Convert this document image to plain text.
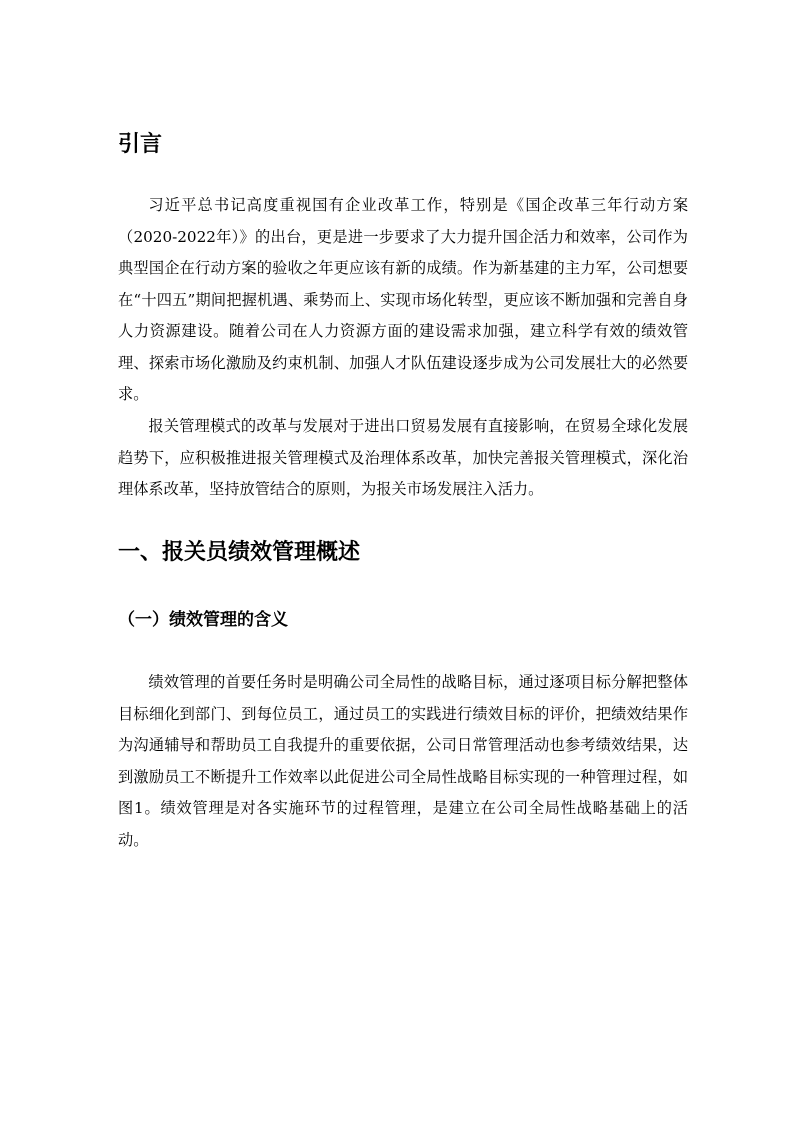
引言

习近平总书记高度重视国有企业改革工作，特别是《国企改革三年行动方案（2020-2022年）》的出台，更是进一步要求了大力提升国企活力和效率，公司作为典型国企在行动方案的验收之年更应该有新的成绩。作为新基建的主力军，公司想要在“十四五”期间把握机遇、乘势而上、实现市场化转型，更应该不断加强和完善自身人力资源建设。随着公司在人力资源方面的建设需求加强，建立科学有效的绩效管理、探索市场化激励及约束机制、加强人才队伍建设逐步成为公司发展壮大的必然要求。

报关管理模式的改革与发展对于进出口贸易发展有直接影响，在贸易全球化发展趋势下，应积极推进报关管理模式及治理体系改革，加快完善报关管理模式，深化治理体系改革，坚持放管结合的原则，为报关市场发展注入活力。

一、报关员绩效管理概述
（一）绩效管理的含义

绩效管理的首要任务时是明确公司全局性的战略目标，通过逐项目标分解把整体目标细化到部门、到每位员工，通过员工的实践进行绩效目标的评价，把绩效结果作为沟通辅导和帮助员工自我提升的重要依据，公司日常管理活动也参考绩效结果，达到激励员工不断提升工作效率以此促进公司全局性战略目标实现的一种管理过程，如图1。绩效管理是对各实施环节的过程管理，是建立在公司全局性战略基础上的活动。
